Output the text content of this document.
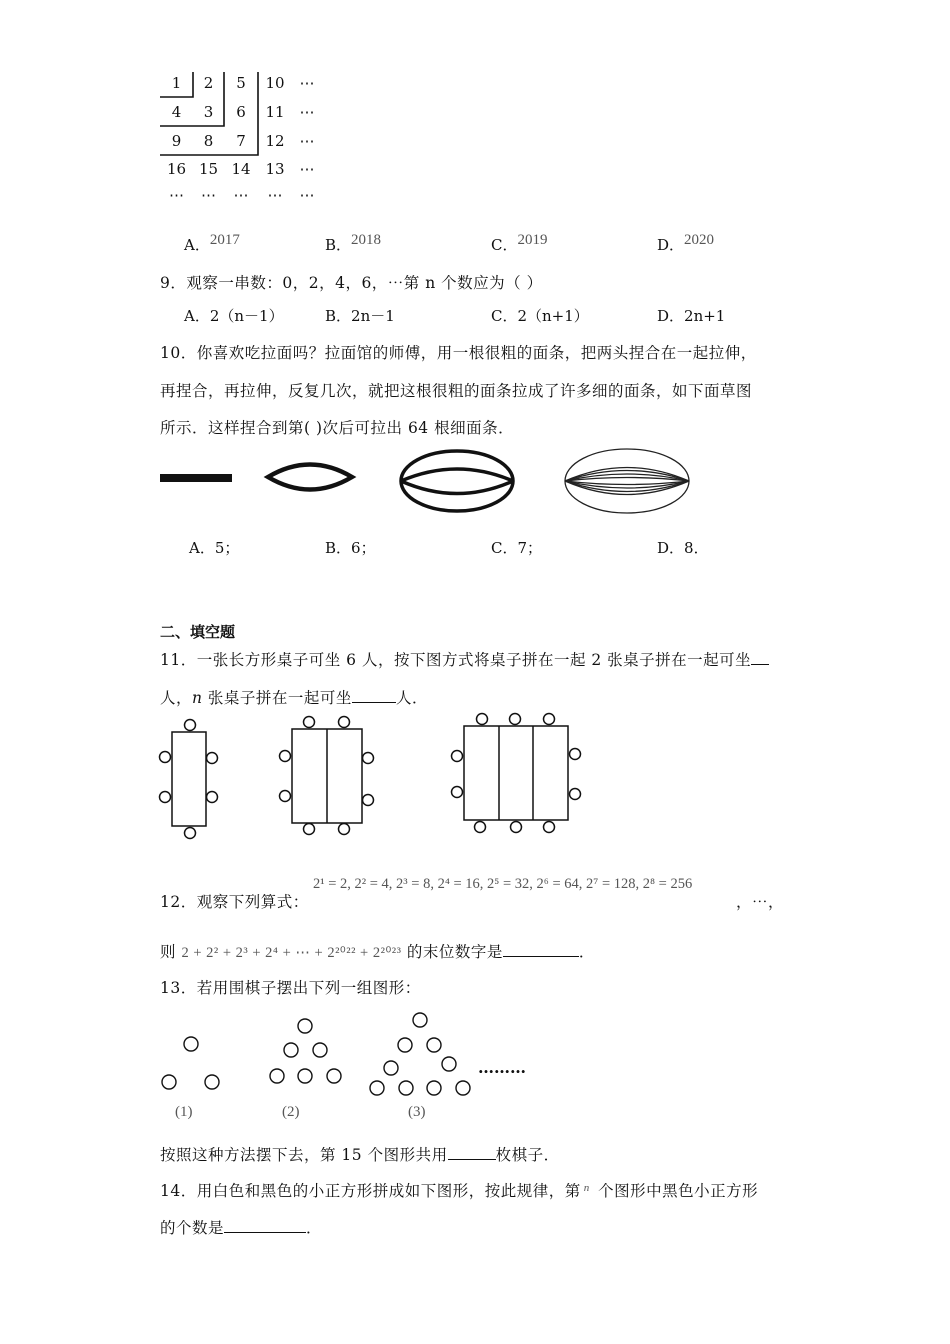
1	2	5	10 ⋯
4	3	6	11 ⋯
9	8	7	12 ⋯
16 15 14 13 ⋯
⋯	⋯	⋯	⋯	⋯
A．2017	B．2018	C．2019	D．2020
9．观察一串数：0，2，4，6，⋯第 n 个数应为（ ）
A．2（n－1）	B．2n－1	C．2（n+1）	D．2n+1
10．你喜欢吃拉面吗？拉面馆的师傅，用一根很粗的面条，把两头捏合在一起拉伸，
再捏合，再拉伸，反复几次，就把这根很粗的面条拉成了许多细的面条，如下面草图
所示．这样捏合到第( )次后可拉出 64 根细面条．
A．5；	B．6；	C．7；	D．8．
二、填空题
11．一张长方形桌子可坐 6 人，按下图方式将桌子拼在一起 2 张桌子拼在一起可坐
人，n 张桌子拼在一起可坐	人．
12．观察下列算式：
2¹ = 2, 2² = 4, 2³ = 8, 2⁴ = 16, 2⁵ = 32, 2⁶ = 64, 2⁷ = 128, 2⁸ = 256
，⋯，
则 2 + 2² + 2³ + 2⁴ + ⋯ + 2²⁰²² + 2²⁰²³ 的末位数字是	．
13．若用围棋子摆出下列一组图形：
………
(1)	(2)	(3)
按照这种方法摆下去，第 15 个图形共用	枚棋子．
14．用白色和黑色的小正方形拼成如下图形，按此规律，第 $^n$ 个图形中黑色小正方形
的个数是	．
